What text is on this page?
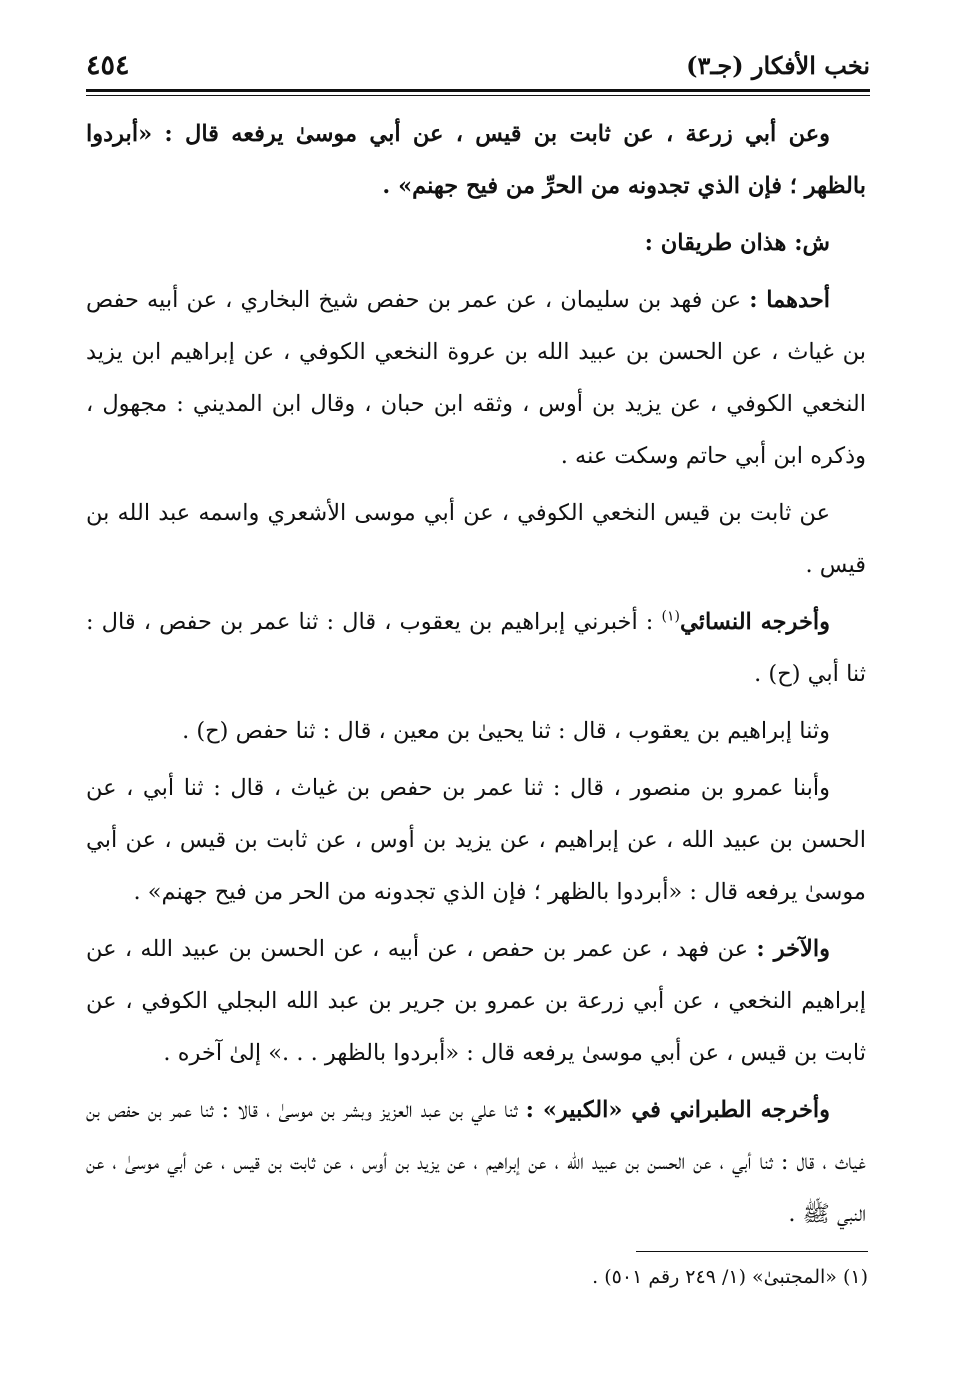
نخب الأفكار (جـ٣)
٤٥٤

وعن أبي زرعة ، عن ثابت بن قيس ، عن أبي موسىٰ يرفعه قال : «أبردوا بالظهر ؛ فإن الذي تجدونه من الحرِّ من فيح جهنم» .

ش: هذان طريقان :

أحدهما : عن فهد بن سليمان ، عن عمر بن حفص شيخ البخاري ، عن أبيه حفص بن غياث ، عن الحسن بن عبيد الله بن عروة النخعي الكوفي ، عن إبراهيم ابن يزيد النخعي الكوفي ، عن يزيد بن أوس ، وثقه ابن حبان ، وقال ابن المديني : مجهول ، وذكره ابن أبي حاتم وسكت عنه .

عن ثابت بن قيس النخعي الكوفي ، عن أبي موسى الأشعري واسمه عبد الله بن قيس .

وأخرجه النسائي$^{(١)}$ : أخبرني إبراهيم بن يعقوب ، قال : ثنا عمر بن حفص ، قال : ثنا أبي (ح) .

وثنا إبراهيم بن يعقوب ، قال : ثنا يحيىٰ بن معين ، قال : ثنا حفص (ح) .

وأبنا عمرو بن منصور ، قال : ثنا عمر بن حفص بن غياث ، قال : ثنا أبي ، عن الحسن بن عبيد الله ، عن إبراهيم ، عن يزيد بن أوس ، عن ثابت بن قيس ، عن أبي موسىٰ يرفعه قال : «أبردوا بالظهر ؛ فإن الذي تجدونه من الحر من فيح جهنم» .

والآخر : عن فهد ، عن عمر بن حفص ، عن أبيه ، عن الحسن بن عبيد الله ، عن إبراهيم النخعي ، عن أبي زرعة بن عمرو بن جرير بن عبد الله البجلي الكوفي ، عن ثابت بن قيس ، عن أبي موسىٰ يرفعه قال : «أبردوا بالظهر . . .» إلىٰ آخره .

وأخرجه الطبراني في «الكبير» : ثنا علي بن عبد العزيز وبشر بن موسىٰ ، قالا : ثنا عمر بن حفص بن غياث ، قال : ثنا أبي ، عن الحسن بن عبيد الله ، عن إبراهيم ، عن يزيد بن أوس ، عن ثابت بن قيس ، عن أبي موسىٰ ، عن النبي ﷺ .

(١) «المجتبیٰ» (١/ ٢٤٩ رقم ٥٠١) .
